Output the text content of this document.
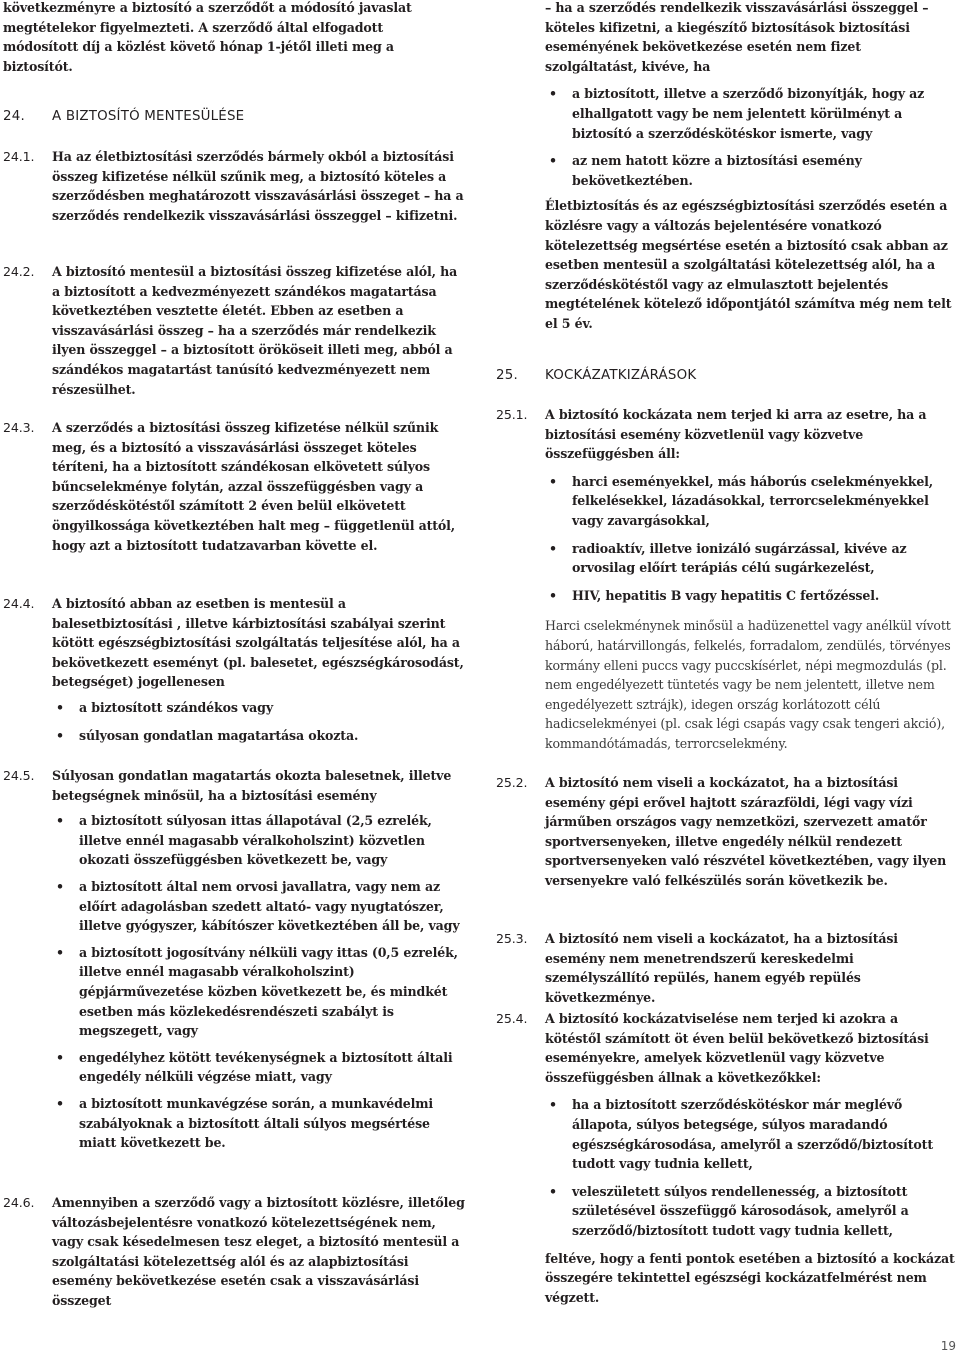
következményre a biztosító a szerződőt a módosító javaslat megtételekor figyelmezteti. A szerződő által elfogadott módosított díj a közlést követő hónap 1-jétől illeti meg a biztosítót.

24. A BIZTOSÍTÓ MENTESÜLÉSE
24.1. Ha az életbiztosítási szerződés bármely okból a biztosítási összeg kifizetése nélkül szűnik meg, a biztosító köteles a szerződésben meghatározott visszavásárlási összeget – ha a szerződés rendelkezik visszavásárlási összeggel – kifizetni.
24.2. A biztosító mentesül a biztosítási összeg kifizetése alól, ha a biztosított a kedvezményezett szándékos magatartása következtében vesztette életét. Ebben az esetben a visszavásárlási összeg – ha a szerződés már rendelkezik ilyen összeggel – a biztosított örököseit illeti meg, abból a szándékos magatartást tanúsító kedvezményezett nem részesülhet.
24.3. A szerződés a biztosítási összeg kifizetése nélkül szűnik meg, és a biztosító a visszavásárlási összeget köteles téríteni, ha a biztosított szándékosan elkövetett súlyos bűncselekménye folytán, azzal összefüggésben vagy a szerződéskötéstől számított 2 éven belül elkövetett öngyilkossága következtében halt meg – függetlenül attól, hogy azt a biztosított tudatzavarban követte el.
24.4. A biztosító abban az esetben is mentesül a balesetbiztosítási , illetve kárbiztosítási szabályai szerint kötött egészségbiztosítási szolgáltatás teljesítése alól, ha a bekövetkezett eseményt (pl. balesetet, egészségkárosodást, betegséget) jogellenesen
• a biztosított szándékos vagy
• súlyosan gondatlan magatartása okozta.
24.5. Súlyosan gondatlan magatartás okozta balesetnek, illetve betegségnek minősül, ha a biztosítási esemény
• a biztosított súlyosan ittas állapotával (2,5 ezrelék, illetve ennél magasabb véralkoholszint) közvetlen okozati összefüggésben következett be, vagy
• a biztosított által nem orvosi javallatra, vagy nem az előírt adagolásban szedett altató- vagy nyugtatószer, illetve gyógyszer, kábítószer következtében áll be, vagy
• a biztosított jogosítvány nélküli vagy ittas (0,5 ezrelék, illetve ennél magasabb véralkoholszint) gépjárművezetése közben következett be, és mindkét esetben más közlekedésrendészeti szabályt is megszegett, vagy
• engedélyhez kötött tevékenységnek a biztosított általi engedély nélküli végzése miatt, vagy
• a biztosított munkavégzése során, a munkavédelmi szabályoknak a biztosított általi súlyos megsértése miatt következett be.
24.6. Amennyiben a szerződő vagy a biztosított közlésre, illetőleg változásbejelentésre vonatkozó kötelezettségének nem, vagy csak késedelmesen tesz eleget, a biztosító mentesül a szolgáltatási kötelezettség alól és az alapbiztosítási esemény bekövetkezése esetén csak a visszavásárlási összeget
– ha a szerződés rendelkezik visszavásárlási összeggel – köteles kifizetni, a kiegészítő biztosítások biztosítási eseményének bekövetkezése esetén nem fizet szolgáltatást, kivéve, ha
• a biztosított, illetve a szerződő bizonyítják, hogy az elhallgatott vagy be nem jelentett körülményt a biztosító a szerződéskötéskor ismerte, vagy
• az nem hatott közre a biztosítási esemény bekövetkeztében.

Életbiztosítás és az egészségbiztosítási szerződés esetén a közlésre vagy a változás bejelentésére vonatkozó kötelezettség megsértése esetén a biztosító csak abban az esetben mentesül a szolgáltatási kötelezettség alól, ha a szerződéskötéstől vagy az elmulasztott bejelentés megtételének kötelező időpontjától számítva még nem telt el 5 év.

25. KOCKÁZATKIZÁRÁSOK
25.1. A biztosító kockázata nem terjed ki arra az esetre, ha a biztosítási esemény közvetlenül vagy közvetve összefüggésben áll:
• harci eseményekkel, más háborús cselekményekkel, felkelésekkel, lázadásokkal, terrorcselekményekkel vagy zavargásokkal,
• radioaktív, illetve ionizáló sugárzással, kivéve az orvosilag előírt terápiás célú sugárkezelést,
• HIV, hepatitis B vagy hepatitis C fertőzéssel.

Harci cselekménynek minősül a hadüzenettel vagy anélkül vívott háború, határvillongás, felkelés, forradalom, zendülés, törvényes kormány elleni puccs vagy puccskísérlet, népi megmozdulás (pl. nem engedélyezett tüntetés vagy be nem jelentett, illetve nem engedélyezett sztrájk), idegen ország korlátozott célú hadicselekményei (pl. csak légi csapás vagy csak tengeri akció), kommandótámadás, terrorcselekmény.

25.2. A biztosító nem viseli a kockázatot, ha a biztosítási esemény gépi erővel hajtott szárazföldi, légi vagy vízi járműben országos vagy nemzetközi, szervezett amatőr sportversenyeken, illetve engedély nélkül rendezett sportversenyeken való részvétel következtében, vagy ilyen versenyekre való felkészülés során következik be.
25.3. A biztosító nem viseli a kockázatot, ha a biztosítási esemény nem menetrendszerű kereskedelmi személyszállító repülés, hanem egyéb repülés következménye.
25.4. A biztosító kockázatviselése nem terjed ki azokra a kötéstől számított öt éven belül bekövetkező biztosítási eseményekre, amelyek közvetlenül vagy közvetve összefüggésben állnak a következőkkel:
• ha a biztosított szerződéskötéskor már meglévő állapota, súlyos betegsége, súlyos maradandó egészségkárosodása, amelyről a szerződő/biztosított tudott vagy tudnia kellett,
• veleszületett súlyos rendellenesség, a biztosított születésével összefüggő károsodások, amelyről a szerződő/biztosított tudott vagy tudnia kellett,

feltéve, hogy a fenti pontok esetében a biztosító a kockázat összegére tekintettel egészségi kockázatfelmérést nem végzett.

19
